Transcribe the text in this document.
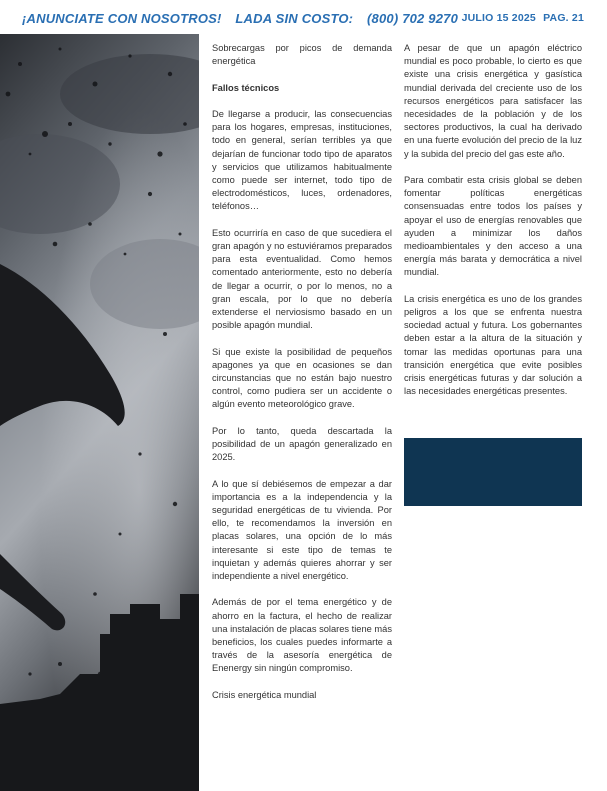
¡ANUNCIATE CON NOSOTROS! LADA SIN COSTO: (800) 702 9270 JULIO 15 2025 PAG. 21

Sobrecargas por picos de demanda energética

Fallos técnicos

De llegarse a producir, las consecuencias para los hogares, empresas, instituciones, todo en general, serían terribles ya que dejarían de funcionar todo tipo de aparatos y servicios que utilizamos habitualmente como puede ser internet, todo tipo de electrodomésticos, luces, ordenadores, teléfonos…

Esto ocurriría en caso de que sucediera el gran apagón y no estuviéramos preparados para esta eventualidad. Como hemos comentado anteriormente, esto no debería de llegar a ocurrir, o por lo menos, no a gran escala, por lo que no debería extenderse el nerviosismo basado en un posible apagón mundial.

Si que existe la posibilidad de pequeños apagones ya que en ocasiones se dan circunstancias que no están bajo nuestro control, como pudiera ser un accidente o algún evento meteorológico grave.

Por lo tanto, queda descartada la posibilidad de un apagón generalizado en 2025.

A lo que sí debiésemos de empezar a dar importancia es a la independencia y la seguridad energéticas de tu vivienda. Por ello, te recomendamos la inversión en placas solares, una opción de lo más interesante si este tipo de temas te inquietan y además quieres ahorrar y ser independiente a nivel energético.

Además de por el tema energético y de ahorro en la factura, el hecho de realizar una instalación de placas solares tiene más beneficios, los cuales puedes informarte a través de la asesoría energética de Enenergy sin ningún compromiso.

Crisis energética mundial

A pesar de que un apagón eléctrico mundial es poco probable, lo cierto es que existe una crisis energética y gasística mundial derivada del creciente uso de los recursos energéticos para satisfacer las necesidades de la población y de los sectores productivos, la cual ha derivado en una fuerte evolución del precio de la luz y la subida del precio del gas este año.

Para combatir esta crisis global se deben fomentar políticas energéticas consensuadas entre todos los países y apoyar el uso de energías renovables que ayuden a minimizar los daños medioambientales y den acceso a una energía más barata y democrática a nivel mundial.

La crisis energética es uno de los grandes peligros a los que se enfrenta nuestra sociedad actual y futura. Los gobernantes deben estar a la altura de la situación y tomar las medidas oportunas para una transición energética que evite posibles crisis energéticas futuras y dar solución a las necesidades energéticas presentes.
